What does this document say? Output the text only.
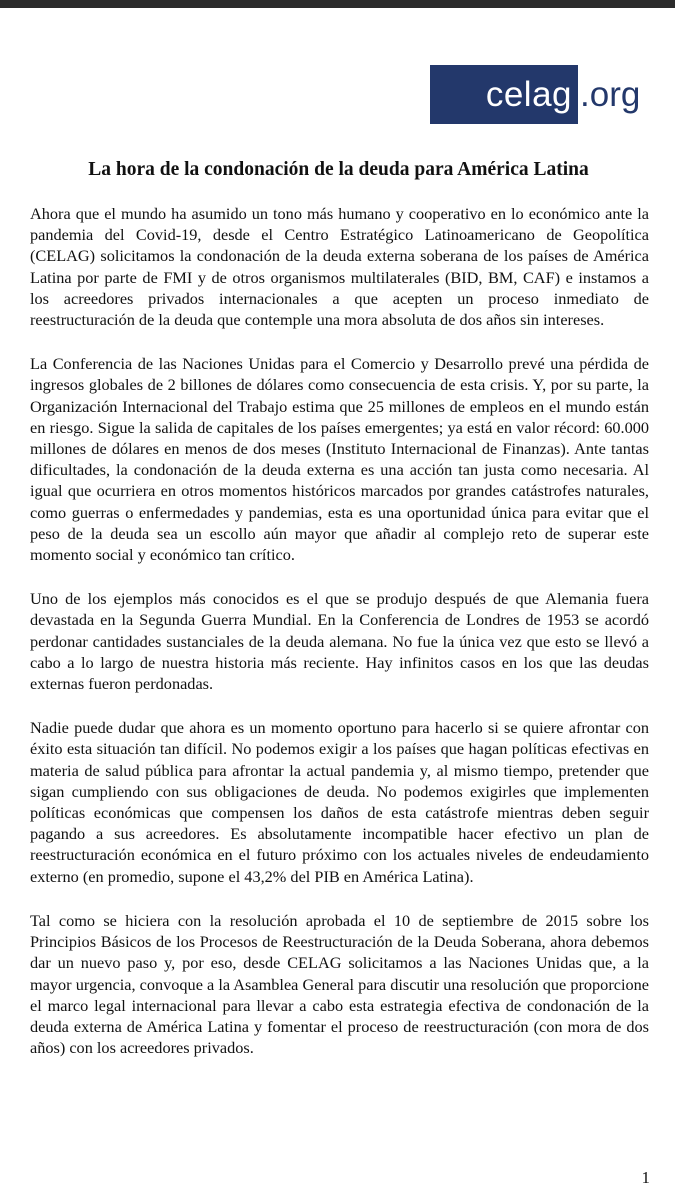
celag .org
La hora de la condonación de la deuda para América Latina

Ahora que el mundo ha asumido un tono más humano y cooperativo en lo económico ante la pandemia del Covid-19, desde el Centro Estratégico Latinoamericano de Geopolítica (CELAG) solicitamos la condonación de la deuda externa soberana de los países de América Latina por parte de FMI y de otros organismos multilaterales (BID, BM, CAF) e instamos a los acreedores privados internacionales a que acepten un proceso inmediato de reestructuración de la deuda que contemple una mora absoluta de dos años sin intereses.

La Conferencia de las Naciones Unidas para el Comercio y Desarrollo prevé una pérdida de ingresos globales de 2 billones de dólares como consecuencia de esta crisis. Y, por su parte, la Organización Internacional del Trabajo estima que 25 millones de empleos en el mundo están en riesgo. Sigue la salida de capitales de los países emergentes; ya está en valor récord: 60.000 millones de dólares en menos de dos meses (Instituto Internacional de Finanzas). Ante tantas dificultades, la condonación de la deuda externa es una acción tan justa como necesaria. Al igual que ocurriera en otros momentos históricos marcados por grandes catástrofes naturales, como guerras o enfermedades y pandemias, esta es una oportunidad única para evitar que el peso de la deuda sea un escollo aún mayor que añadir al complejo reto de superar este momento social y económico tan crítico.

Uno de los ejemplos más conocidos es el que se produjo después de que Alemania fuera devastada en la Segunda Guerra Mundial. En la Conferencia de Londres de 1953 se acordó perdonar cantidades sustanciales de la deuda alemana. No fue la única vez que esto se llevó a cabo a lo largo de nuestra historia más reciente. Hay infinitos casos en los que las deudas externas fueron perdonadas.

Nadie puede dudar que ahora es un momento oportuno para hacerlo si se quiere afrontar con éxito esta situación tan difícil. No podemos exigir a los países que hagan políticas efectivas en materia de salud pública para afrontar la actual pandemia y, al mismo tiempo, pretender que sigan cumpliendo con sus obligaciones de deuda. No podemos exigirles que implementen políticas económicas que compensen los daños de esta catástrofe mientras deben seguir pagando a sus acreedores. Es absolutamente incompatible hacer efectivo un plan de reestructuración económica en el futuro próximo con los actuales niveles de endeudamiento externo (en promedio, supone el 43,2% del PIB en América Latina).

Tal como se hiciera con la resolución aprobada el 10 de septiembre de 2015 sobre los Principios Básicos de los Procesos de Reestructuración de la Deuda Soberana, ahora debemos dar un nuevo paso y, por eso, desde CELAG solicitamos a las Naciones Unidas que, a la mayor urgencia, convoque a la Asamblea General para discutir una resolución que proporcione el marco legal internacional para llevar a cabo esta estrategia efectiva de condonación de la deuda externa de América Latina y fomentar el proceso de reestructuración (con mora de dos años) con los acreedores privados.

1
